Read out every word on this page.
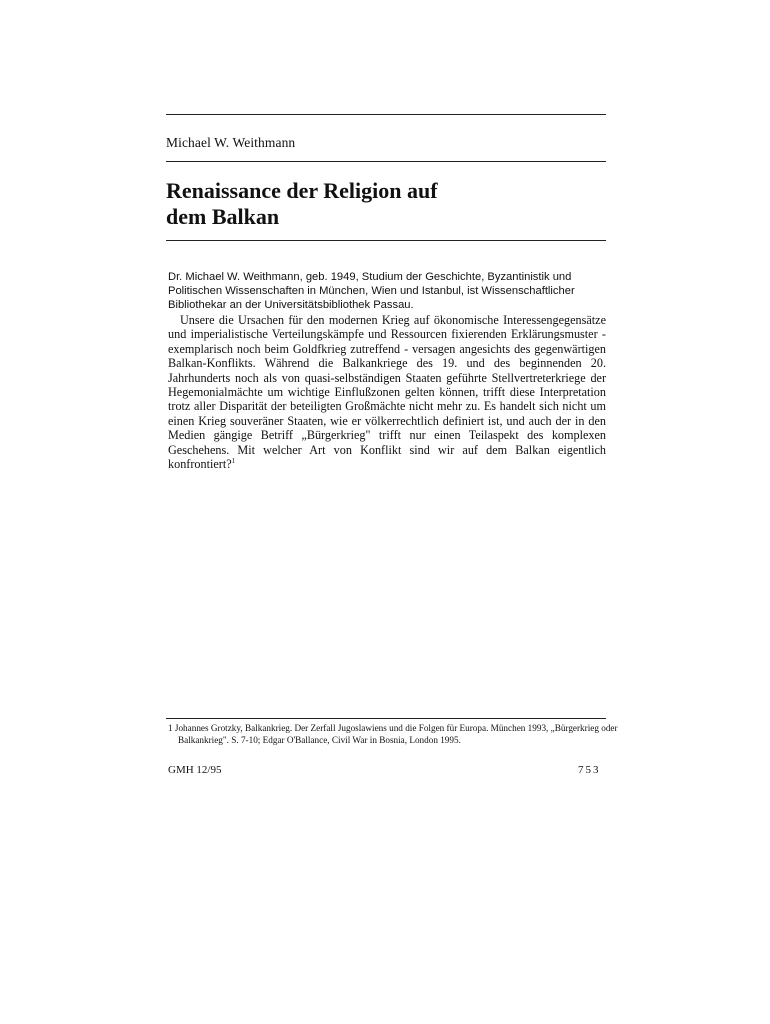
Michael W. Weithmann
Renaissance der Religion auf
dem Balkan
Dr. Michael W. Weithmann, geb. 1949, Studium der Geschichte, Byzantinistik und Politischen Wissenschaften in München, Wien und Istanbul, ist Wissenschaftlicher Bibliothekar an der Universitätsbibliothek Passau.
Unsere die Ursachen für den modernen Krieg auf ökonomische Interessengegensätze und imperialistische Verteilungskämpfe und Ressourcen fixierenden Erklärungsmuster - exemplarisch noch beim Goldfkrieg zutreffend - versagen angesichts des gegenwärtigen Balkan-Konflikts. Während die Balkankriege des 19. und des beginnenden 20. Jahrhunderts noch als von quasi-selbständigen Staaten geführte Stellvertreterkriege der Hegemonialmächte um wichtige Einflußzonen gelten können, trifft diese Interpretation trotz aller Disparität der beteiligten Großmächte nicht mehr zu. Es handelt sich nicht um einen Krieg souveräner Staaten, wie er völkerrechtlich definiert ist, und auch der in den Medien gängige Betriff „Bürgerkrieg" trifft nur einen Teilaspekt des komplexen Geschehens. Mit welcher Art von Konflikt sind wir auf dem Balkan eigentlich konfrontiert?$^1$
1 Johannes Grotzky, Balkankrieg. Der Zerfall Jugoslawiens und die Folgen für Europa. München 1993, „Bürgerkrieg oder Balkankrieg". S. 7-10; Edgar O'Ballance, Civil War in Bosnia, London 1995.
GMH 12/95	753
